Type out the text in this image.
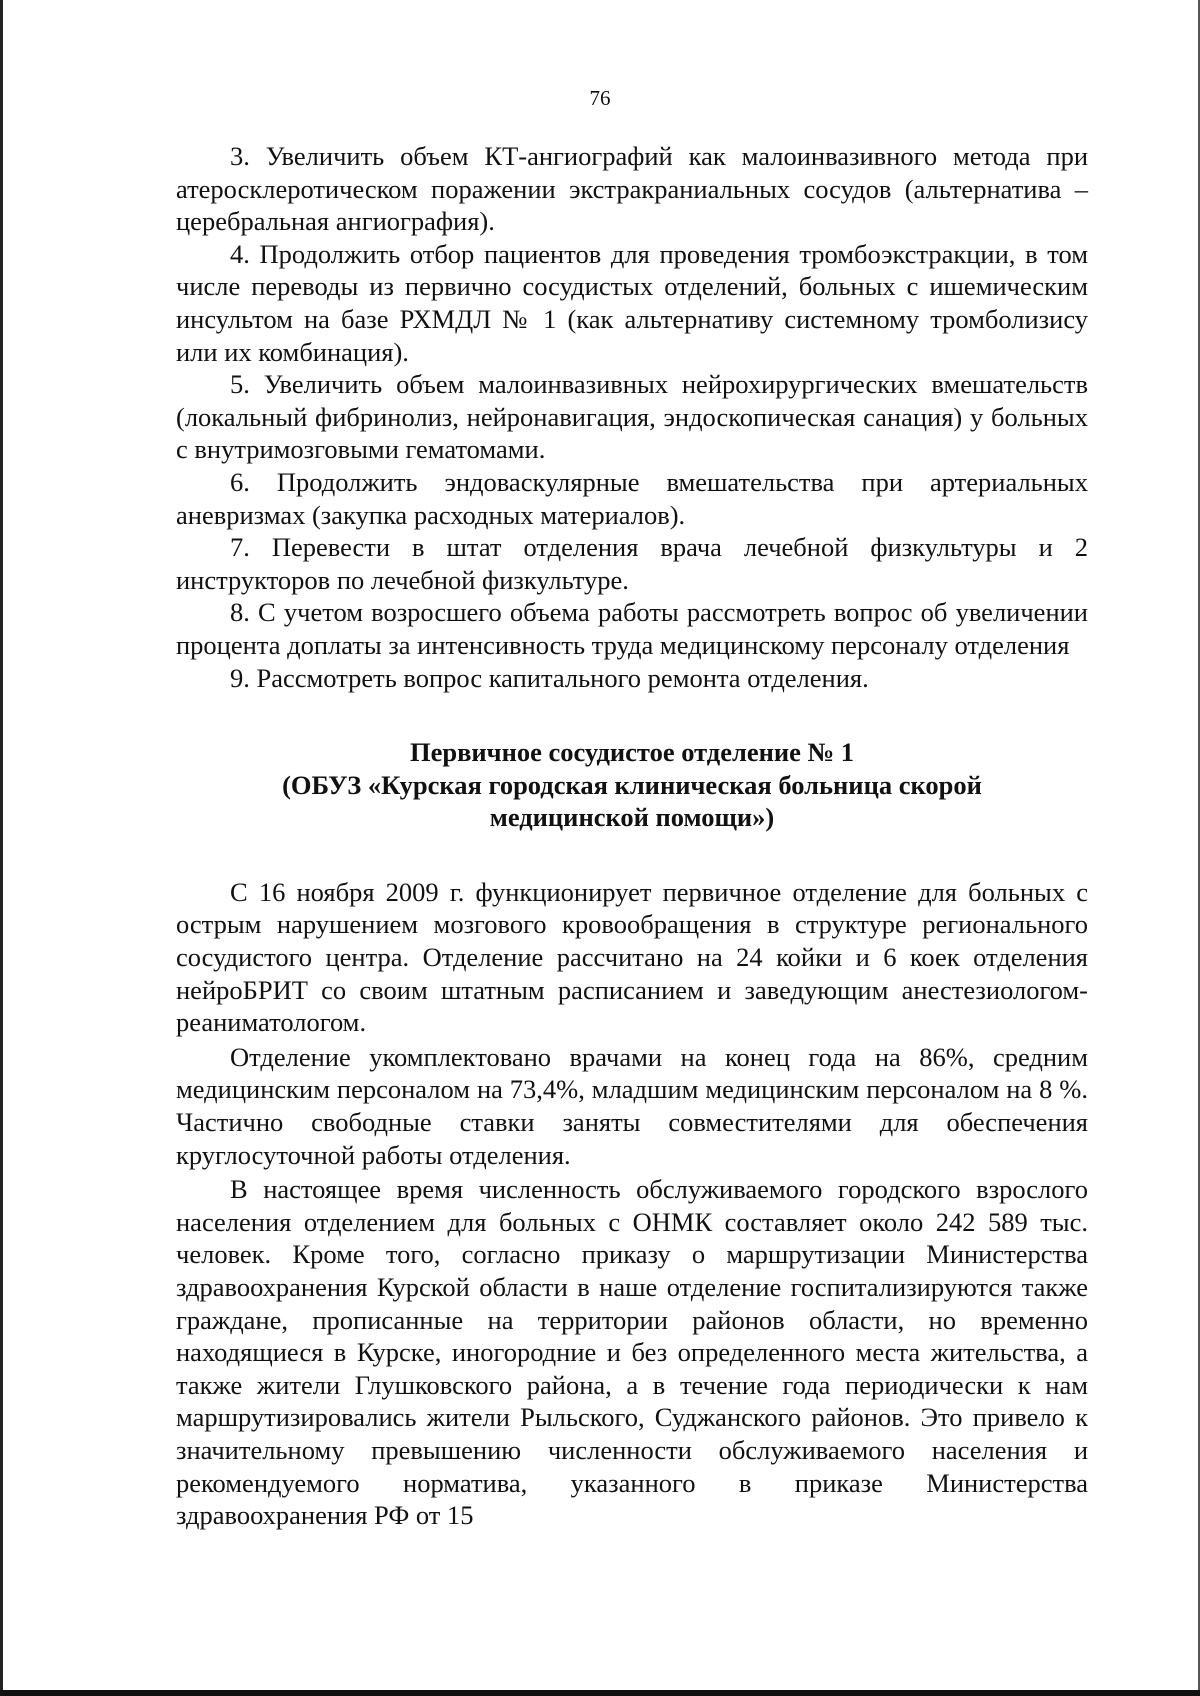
76

3. Увеличить объем КТ-ангиографий как малоинвазивного метода при атеросклеротическом поражении экстракраниальных сосудов (альтернатива – церебральная ангиография).

4. Продолжить отбор пациентов для проведения тромбоэкстракции, в том числе переводы из первично сосудистых отделений, больных с ишемическим инсультом на базе РХМДЛ № 1 (как альтернативу системному тромболизису или их комбинация).

5. Увеличить объем малоинвазивных нейрохирургических вмешательств (локальный фибринолиз, нейронавигация, эндоскопическая санация) у больных с внутримозговыми гематомами.

6. Продолжить эндоваскулярные вмешательства при артериальных аневризмах (закупка расходных материалов).

7. Перевести в штат отделения врача лечебной физкультуры и 2 инструкторов по лечебной физкультуре.

8. С учетом возросшего объема работы рассмотреть вопрос об увеличении процента доплаты за интенсивность труда медицинскому персоналу отделения

9. Рассмотреть вопрос капитального ремонта отделения.

Первичное сосудистое отделение № 1
(ОБУЗ «Курская городская клиническая больница скорой
медицинской помощи»)

С 16 ноября 2009 г. функционирует первичное отделение для больных с острым нарушением мозгового кровообращения в структуре регионального сосудистого центра. Отделение рассчитано на 24 койки и 6 коек отделения нейроБРИТ со своим штатным расписанием и заведующим анестезиологом-реаниматологом.

Отделение укомплектовано врачами на конец года на 86%, средним медицинским персоналом на 73,4%, младшим медицинским персоналом на 8 %. Частично свободные ставки заняты совместителями для обеспечения круглосуточной работы отделения.

В настоящее время численность обслуживаемого городского взрослого населения отделением для больных с ОНМК составляет около 242 589 тыс. человек. Кроме того, согласно приказу о маршрутизации Министерства здравоохранения Курской области в наше отделение госпитализируются также граждане, прописанные на территории районов области, но временно находящиеся в Курске, иногородние и без определенного места жительства, а также жители Глушковского района, а в течение года периодически к нам маршрутизировались жители Рыльского, Суджанского районов. Это привело к значительному превышению численности обслуживаемого населения и рекомендуемого норматива, указанного в приказе Министерства здравоохранения РФ от 15
